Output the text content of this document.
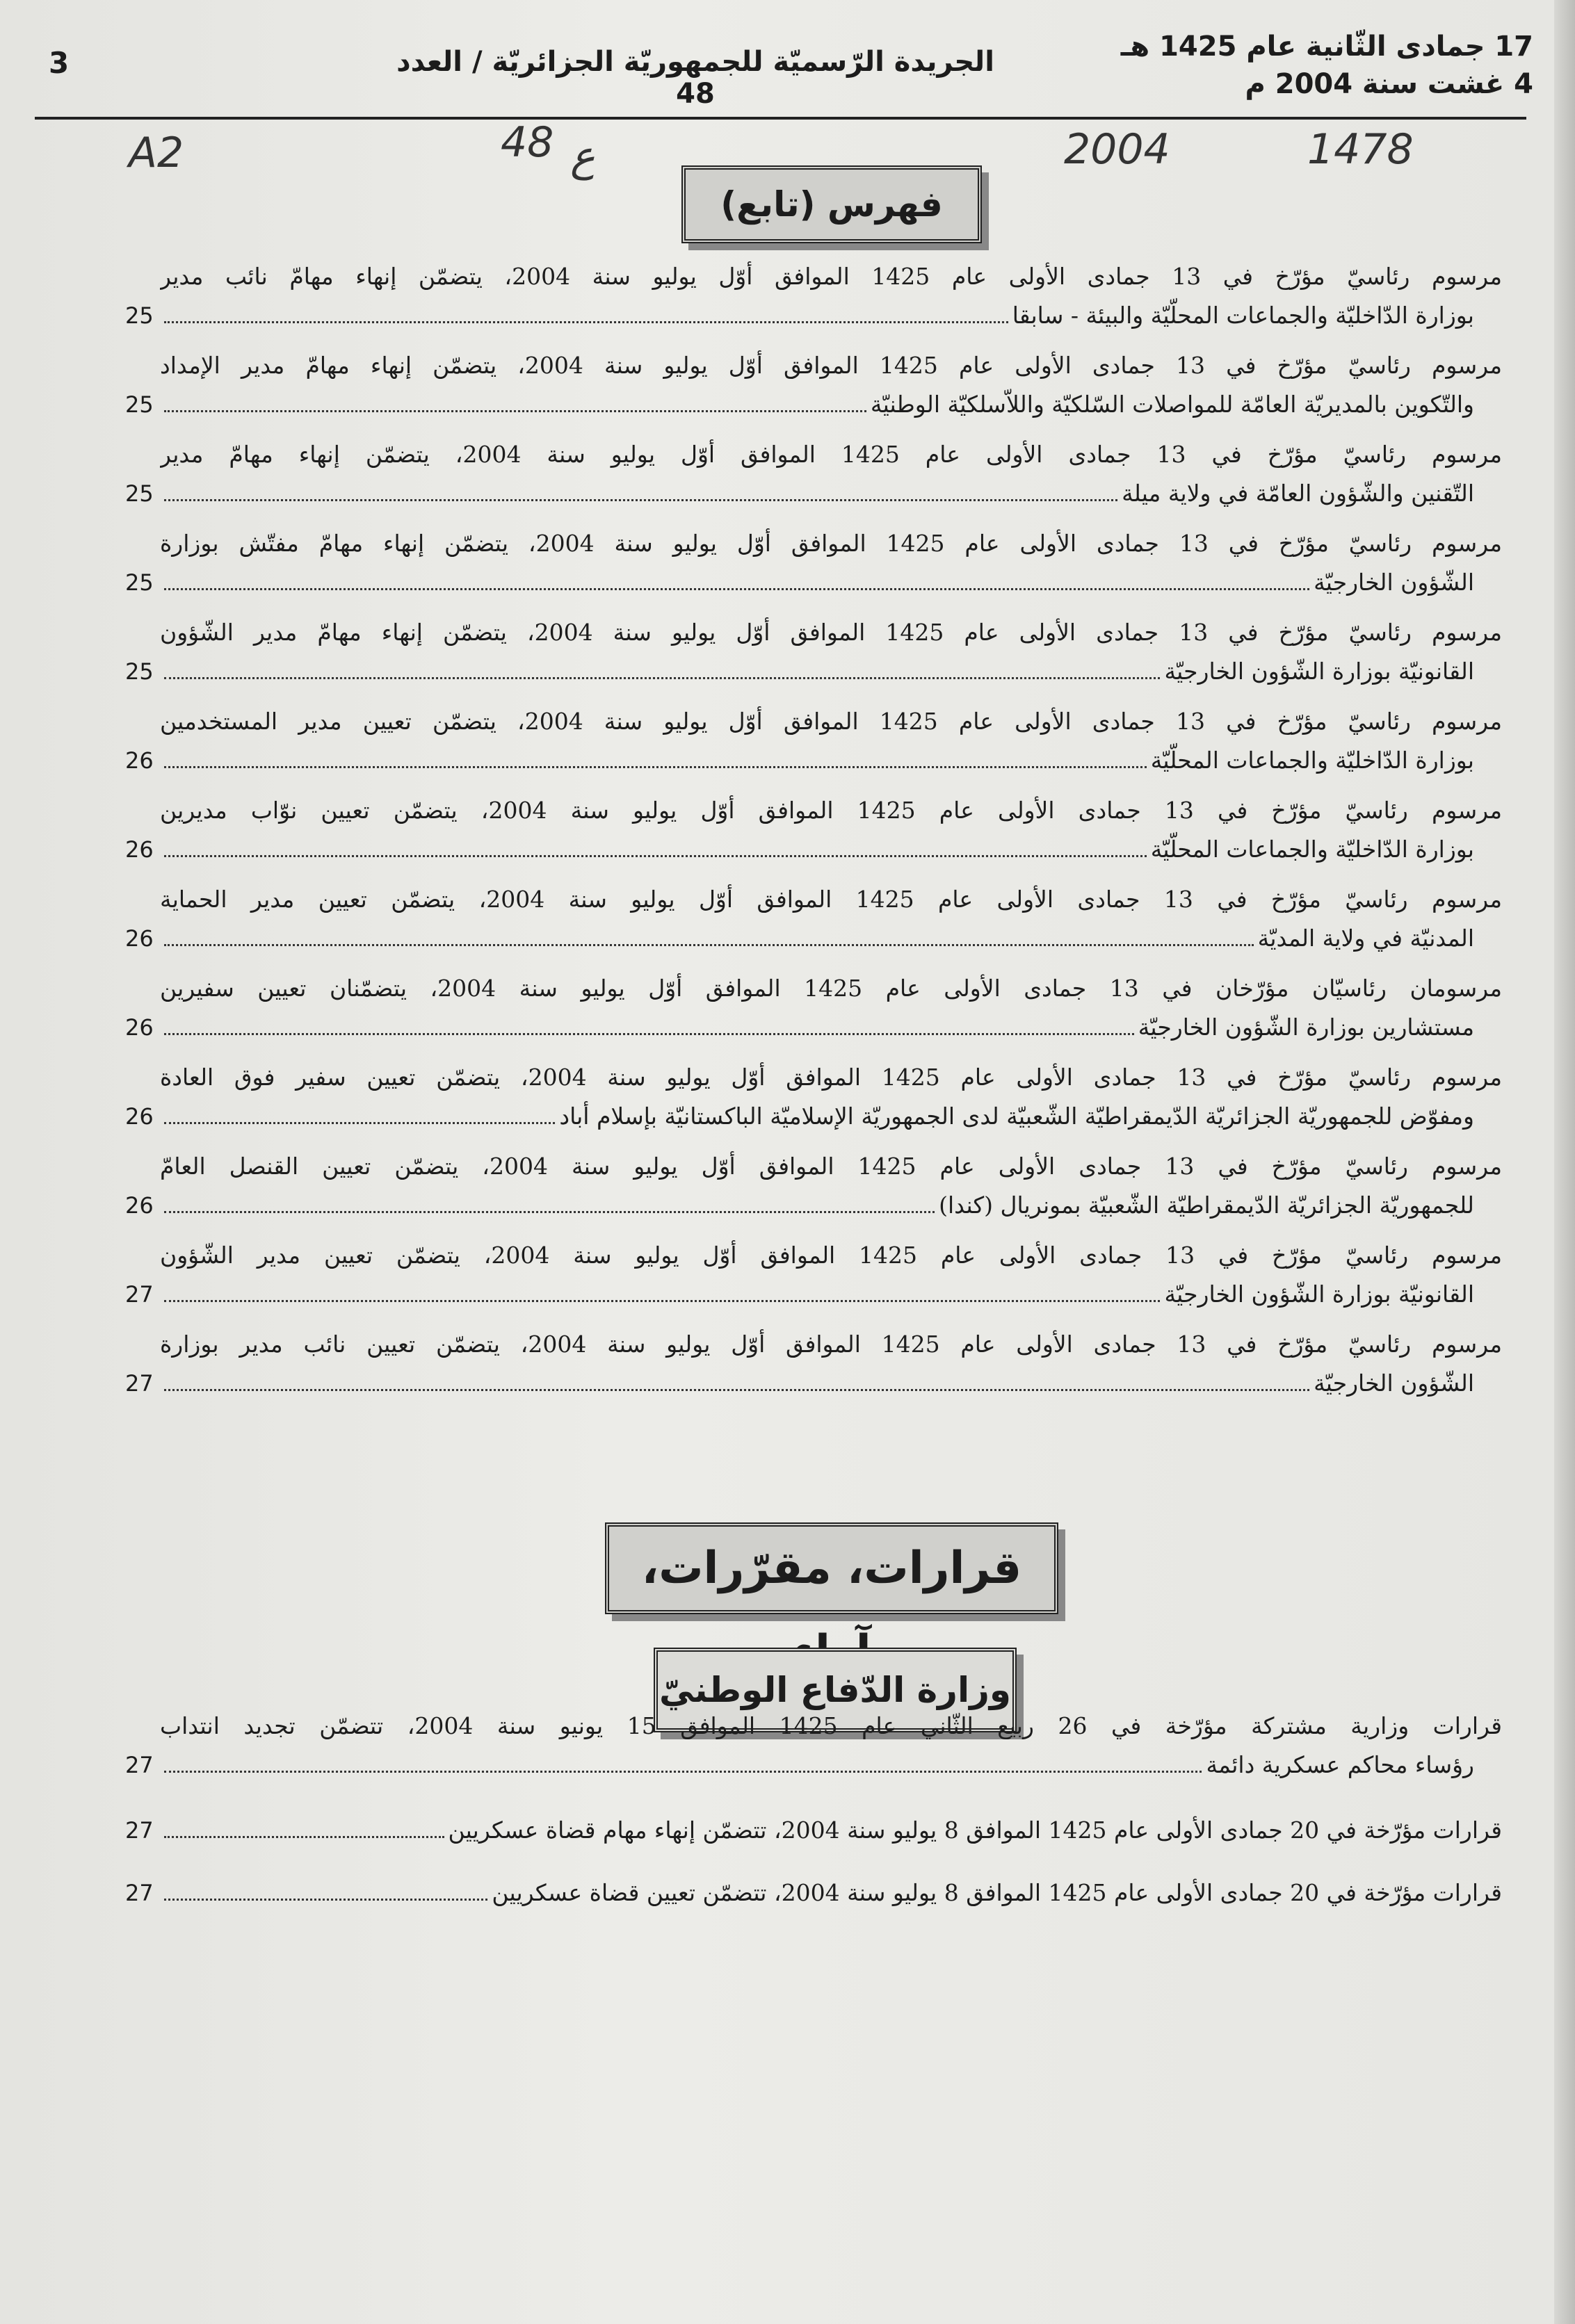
17 جمادى الثّانية عام 1425 هـ
4 غشت سنة 2004 م
الجريدة الرّسميّة للجمهوريّة الجزائريّة / العدد 48
3
A2	48 ع	2004	1478
فهرس (تابع)
مرسوم رئاسيّ مؤرّخ في 13 جمادى الأولى عام 1425 الموافق أوّل يوليو سنة 2004، يتضمّن إنهاء مهامّ نائب مدير
بوزارة الدّاخليّة والجماعات المحلّيّة والبيئة - سابقا
25
مرسوم رئاسيّ مؤرّخ في 13 جمادى الأولى عام 1425 الموافق أوّل يوليو سنة 2004، يتضمّن إنهاء مهامّ مدير الإمداد
والتّكوين بالمديريّة العامّة للمواصلات السّلكيّة واللاّسلكيّة الوطنيّة
25
مرسوم رئاسيّ مؤرّخ في 13 جمادى الأولى عام 1425 الموافق أوّل يوليو سنة 2004، يتضمّن إنهاء مهامّ مدير
التّقنين والشّؤون العامّة في ولاية ميلة
25
مرسوم رئاسيّ مؤرّخ في 13 جمادى الأولى عام 1425 الموافق أوّل يوليو سنة 2004، يتضمّن إنهاء مهامّ مفتّش بوزارة
الشّؤون الخارجيّة
25
مرسوم رئاسيّ مؤرّخ في 13 جمادى الأولى عام 1425 الموافق أوّل يوليو سنة 2004، يتضمّن إنهاء مهامّ مدير الشّؤون
القانونيّة بوزارة الشّؤون الخارجيّة
25
مرسوم رئاسيّ مؤرّخ في 13 جمادى الأولى عام 1425 الموافق أوّل يوليو سنة 2004، يتضمّن تعيين مدير المستخدمين
بوزارة الدّاخليّة والجماعات المحلّيّة
26
مرسوم رئاسيّ مؤرّخ في 13 جمادى الأولى عام 1425 الموافق أوّل يوليو سنة 2004، يتضمّن تعيين نوّاب مديرين
بوزارة الدّاخليّة والجماعات المحلّيّة
26
مرسوم رئاسيّ مؤرّخ في 13 جمادى الأولى عام 1425 الموافق أوّل يوليو سنة 2004، يتضمّن تعيين مدير الحماية
المدنيّة في ولاية المديّة
26
مرسومان رئاسيّان مؤرّخان في 13 جمادى الأولى عام 1425 الموافق أوّل يوليو سنة 2004، يتضمّنان تعيين سفيرين
مستشارين بوزارة الشّؤون الخارجيّة
26
مرسوم رئاسيّ مؤرّخ في 13 جمادى الأولى عام 1425 الموافق أوّل يوليو سنة 2004، يتضمّن تعيين سفير فوق العادة
ومفوّض للجمهوريّة الجزائريّة الدّيمقراطيّة الشّعبيّة لدى الجمهوريّة الإسلاميّة الباكستانيّة بإسلام أباد
26
مرسوم رئاسيّ مؤرّخ في 13 جمادى الأولى عام 1425 الموافق أوّل يوليو سنة 2004، يتضمّن تعيين القنصل العامّ
للجمهوريّة الجزائريّة الدّيمقراطيّة الشّعبيّة بمونريال (كندا)
26
مرسوم رئاسيّ مؤرّخ في 13 جمادى الأولى عام 1425 الموافق أوّل يوليو سنة 2004، يتضمّن تعيين مدير الشّؤون
القانونيّة بوزارة الشّؤون الخارجيّة
27
مرسوم رئاسيّ مؤرّخ في 13 جمادى الأولى عام 1425 الموافق أوّل يوليو سنة 2004، يتضمّن تعيين نائب مدير بوزارة
الشّؤون الخارجيّة
27
قرارات، مقرّرات،
وزارة الدّفاع الوطنيّ
قرارات وزارية مشتركة مؤرّخة في 26 ربيع الثّاني عام 1425 الموافق 15 يونيو سنة 2004، تتضمّن تجديد انتداب
رؤساء محاكم عسكرية دائمة
27
قرارات مؤرّخة في 20 جمادى الأولى عام 1425 الموافق 8 يوليو سنة 2004، تتضمّن إنهاء مهام قضاة عسكريين
27
قرارات مؤرّخة في 20 جمادى الأولى عام 1425 الموافق 8 يوليو سنة 2004، تتضمّن تعيين قضاة عسكريين
27
